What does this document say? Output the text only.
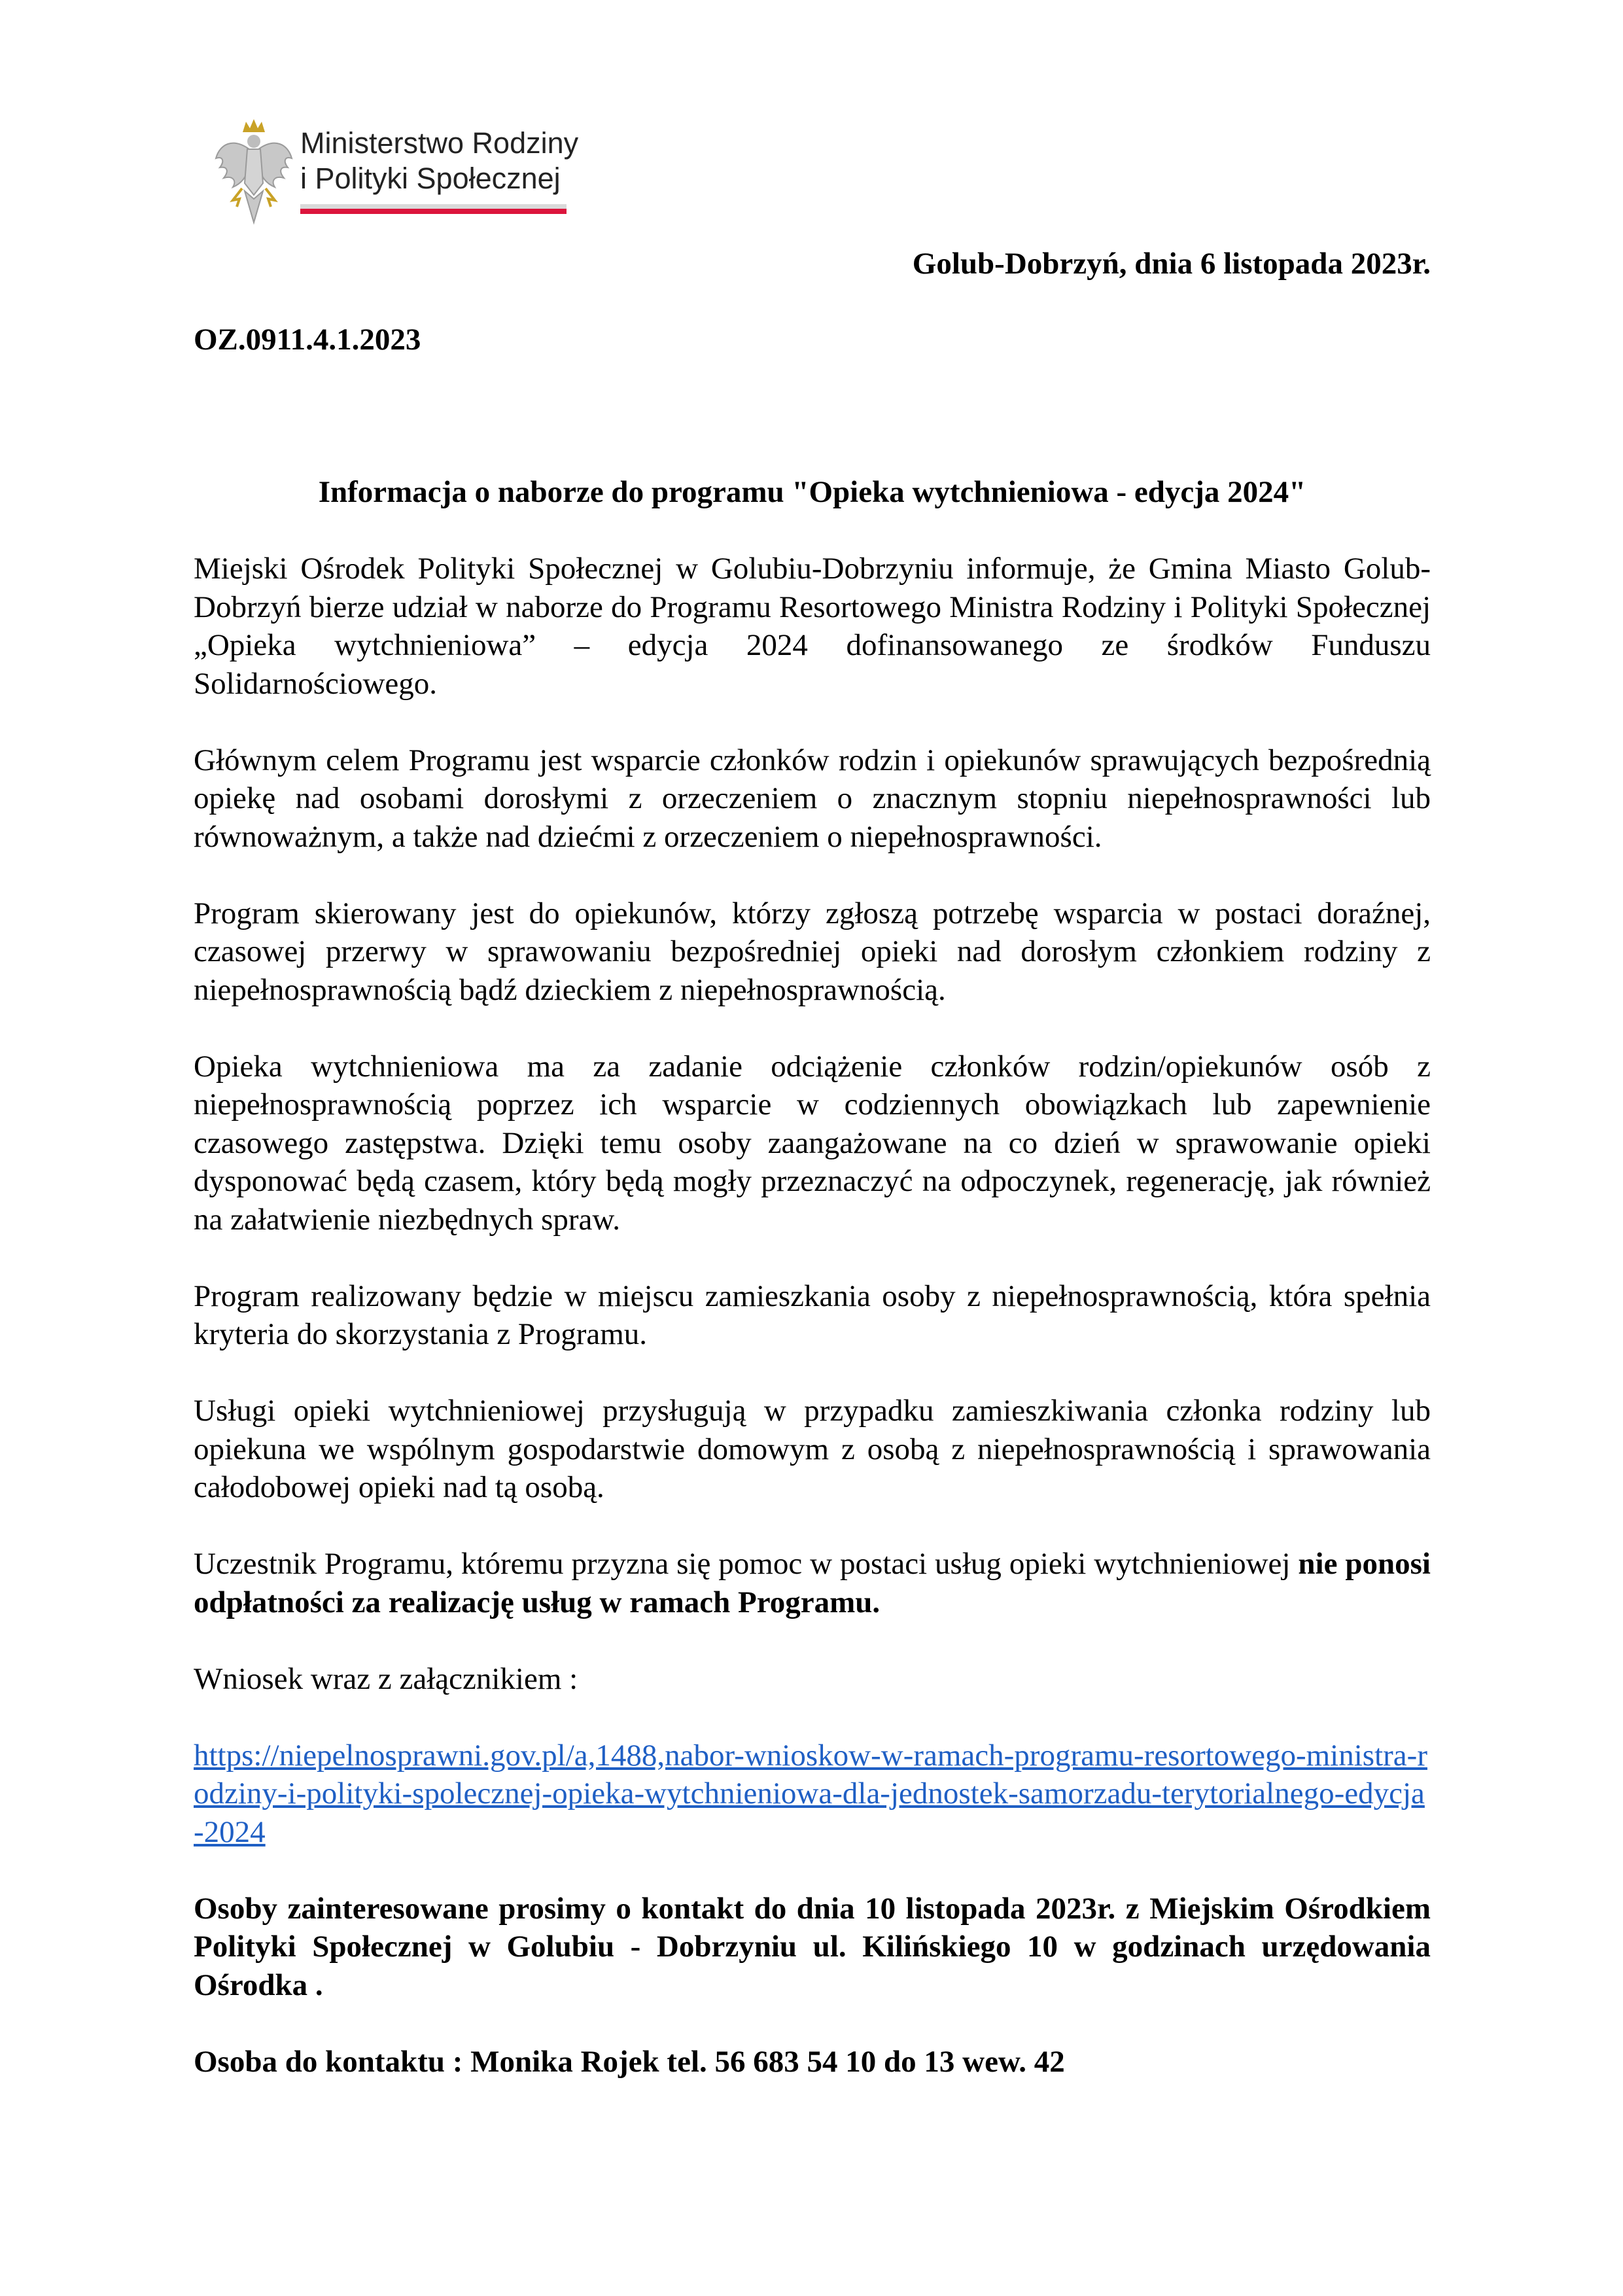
Ministerstwo Rodziny
i Polityki Społecznej
Golub-Dobrzyń, dnia 6 listopada 2023r.
OZ.0911.4.1.2023
Informacja o naborze do programu "Opieka wytchnieniowa - edycja 2024"

Miejski Ośrodek Polityki Społecznej w Golubiu-Dobrzyniu informuje, że Gmina Miasto Golub-Dobrzyń bierze udział w naborze do Programu Resortowego Ministra Rodziny i Polityki Społecznej „Opieka wytchnieniowa” – edycja 2024 dofinansowanego ze środków Funduszu Solidarnościowego.

Głównym celem Programu jest wsparcie członków rodzin i opiekunów sprawujących bezpośrednią opiekę nad osobami dorosłymi z orzeczeniem o znacznym stopniu niepełnosprawności lub równoważnym, a także nad dziećmi z orzeczeniem o niepełnosprawności.

Program skierowany jest do opiekunów, którzy zgłoszą potrzebę wsparcia w postaci doraźnej, czasowej przerwy w sprawowaniu bezpośredniej opieki nad dorosłym członkiem rodziny z niepełnosprawnością bądź dzieckiem z niepełnosprawnością.

Opieka wytchnieniowa ma za zadanie odciążenie członków rodzin/opiekunów osób z niepełnosprawnością poprzez ich wsparcie w codziennych obowiązkach lub zapewnienie czasowego zastępstwa. Dzięki temu osoby zaangażowane na co dzień w sprawowanie opieki dysponować będą czasem, który będą mogły przeznaczyć na odpoczynek, regenerację, jak również na załatwienie niezbędnych spraw.

Program realizowany będzie w miejscu zamieszkania osoby z niepełnosprawnością, która spełnia kryteria do skorzystania z Programu.

Usługi opieki wytchnieniowej przysługują w przypadku zamieszkiwania członka rodziny lub opiekuna we wspólnym gospodarstwie domowym z osobą z niepełnosprawnością i sprawowania całodobowej opieki nad tą osobą.

Uczestnik Programu, któremu przyzna się pomoc w postaci usług opieki wytchnieniowej nie ponosi odpłatności za realizację usług w ramach Programu.

Wniosek wraz z załącznikiem :

https://niepelnosprawni.gov.pl/a,1488,nabor-wnioskow-w-ramach-programu-resortowego-ministra-rodziny-i-polityki-spolecznej-opieka-wytchnieniowa-dla-jednostek-samorzadu-terytorialnego-edycja-2024

Osoby zainteresowane prosimy o kontakt do dnia 10 listopada 2023r. z Miejskim Ośrodkiem Polityki Społecznej w Golubiu - Dobrzyniu ul. Kilińskiego 10 w godzinach urzędowania Ośrodka .

Osoba do kontaktu : Monika Rojek tel. 56 683 54 10 do 13 wew. 42
